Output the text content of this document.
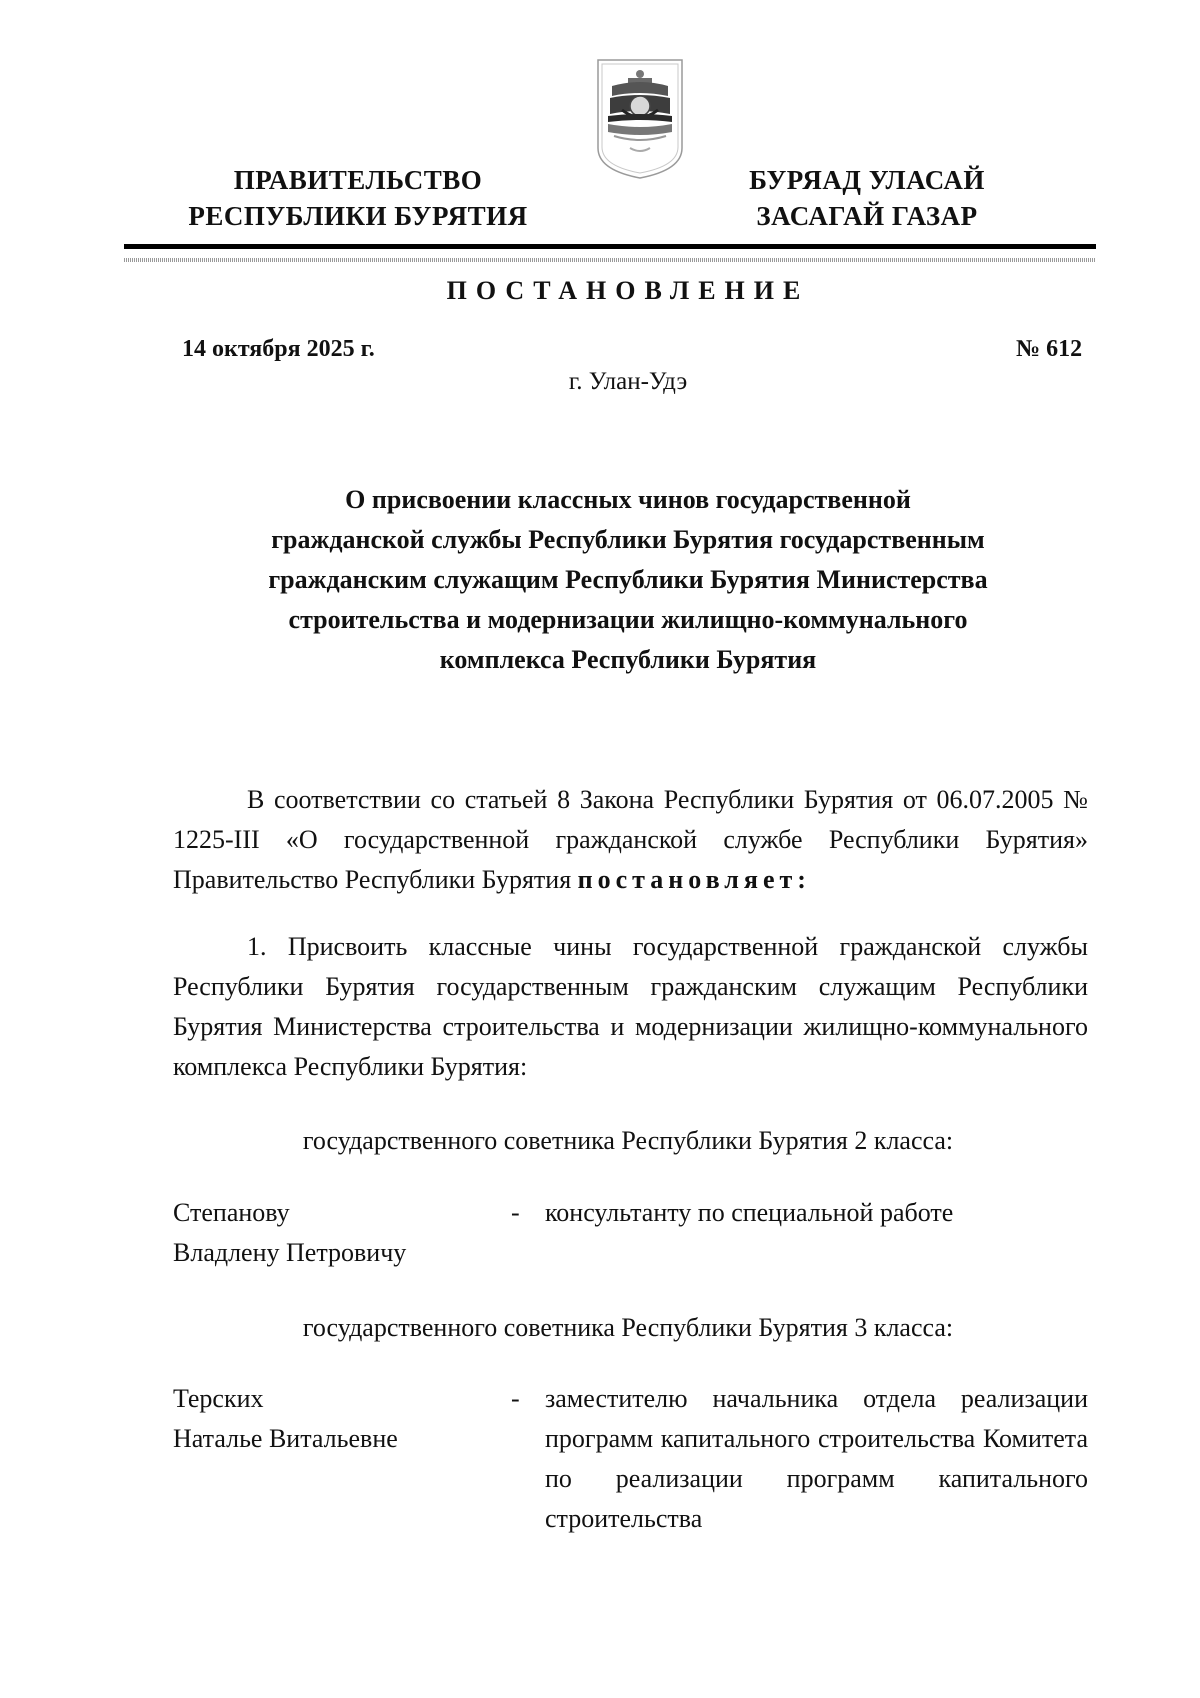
ПРАВИТЕЛЬСТВО
РЕСПУБЛИКИ БУРЯТИЯ
БУРЯАД УЛАСАЙ
ЗАСАГАЙ ГАЗАР
ПОСТАНОВЛЕНИЕ
14 октября 2025 г.	№ 612
г. Улан-Удэ
О присвоении классных чинов государственной
гражданской службы Республики Бурятия государственным
гражданским служащим Республики Бурятия Министерства
строительства и модернизации жилищно-коммунального
комплекса Республики Бурятия
В соответствии со статьей 8 Закона Республики Бурятия от 06.07.2005 № 1225-III «О государственной гражданской службе Республики Бурятия» Правительство Республики Бурятия постановляет:
1. Присвоить классные чины государственной гражданской службы Республики Бурятия государственным гражданским служащим Республики Бурятия Министерства строительства и модернизации жилищно-коммунального комплекса Республики Бурятия:
государственного советника Республики Бурятия 2 класса:
Степанову
Владлену Петровичу
- консультанту по специальной работе
государственного советника Республики Бурятия 3 класса:
Терских
Наталье Витальевне
- заместителю начальника отдела реализации программ капитального строительства Комитета по реализации программ капитального строительства
